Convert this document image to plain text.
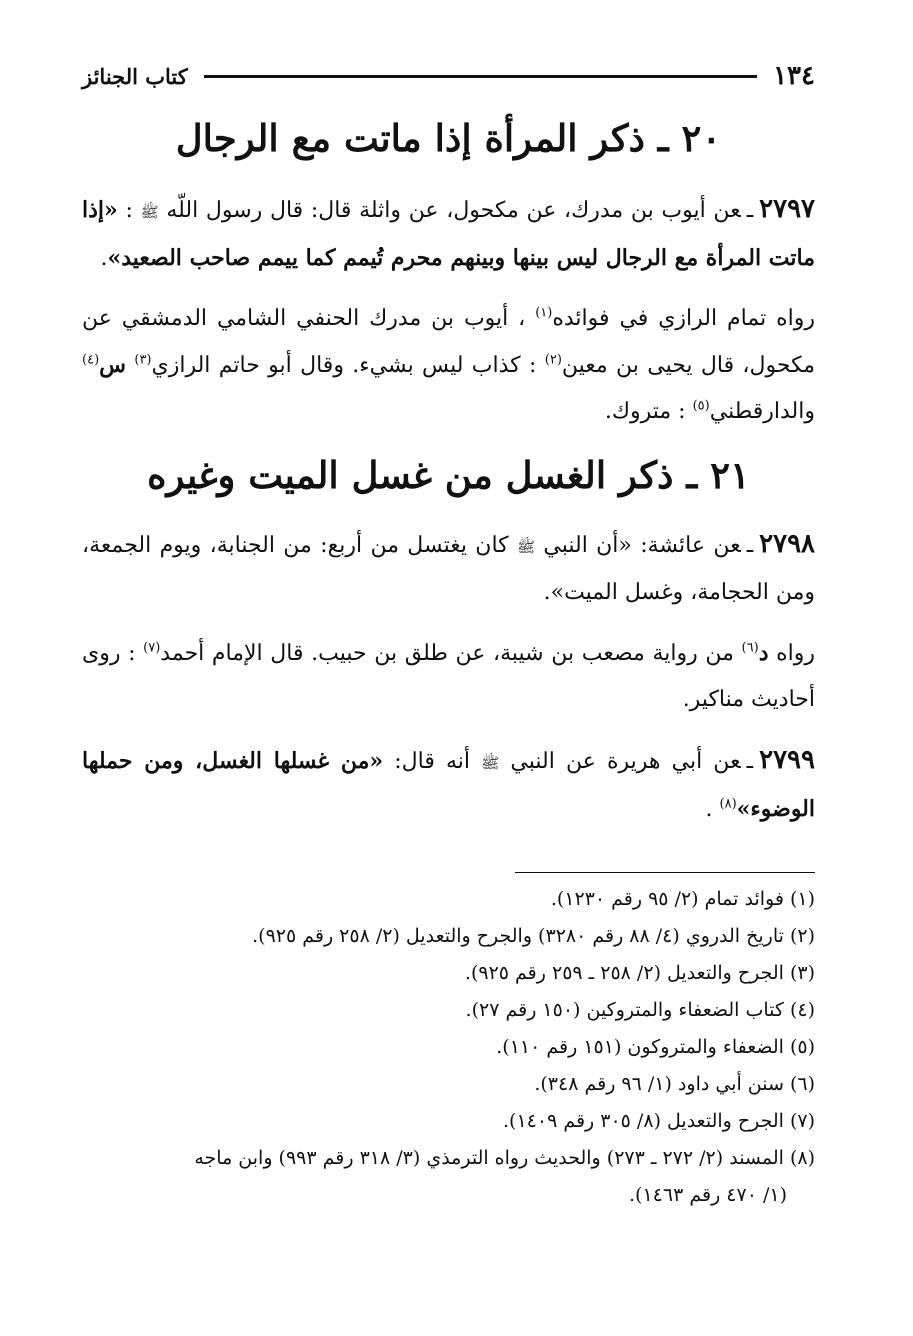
١٣٤
كتاب الجنائز
٢٠ ـ ذكر المرأة إذا ماتت مع الرجال

٢٧٩٧ـعن أيوب بن مدرك، عن مكحول، عن واثلة قال: قال رسول اللّه ﷺ : «إذا ماتت المرأة مع الرجال ليس بينها وبينهم محرم تُيمم كما ييمم صاحب الصعيد».

رواه تمام الرازي في فوائده$^{(١)}$ ، أيوب بن مدرك الحنفي الشامي الدمشقي عن مكحول، قال يحيى بن معين$^{(٢)}$ : كذاب ليس بشيء. وقال أبو حاتم الرازي$^{(٣)}$ س$^{(٤)}$ والدارقطني$^{(٥)}$ : متروك.

٢١ ـ ذكر الغسل من غسل الميت وغيره

٢٧٩٨ـعن عائشة: «أن النبي ﷺ كان يغتسل من أربع: من الجنابة، ويوم الجمعة، ومن الحجامة، وغسل الميت».

رواه د$^{(٦)}$ من رواية مصعب بن شيبة، عن طلق بن حبيب. قال الإمام أحمد$^{(٧)}$ : روى أحاديث مناكير.

٢٧٩٩ـعن أبي هريرة عن النبي ﷺ أنه قال: «من غسلها الغسل، ومن حملها الوضوء»$^{(٨)}$ .

(١)فوائد تمام (٢/ ٩٥ رقم ١٢٣٠).

(٢)تاريخ الدروي (٤/ ٨٨ رقم ٣٢٨٠) والجرح والتعديل (٢/ ٢٥٨ رقم ٩٢٥).

(٣)الجرح والتعديل (٢/ ٢٥٨ ـ ٢٥٩ رقم ٩٢٥).

(٤)كتاب الضعفاء والمتروكين (١٥٠ رقم ٢٧).

(٥)الضعفاء والمتروكون (١٥١ رقم ١١٠).

(٦)سنن أبي داود (١/ ٩٦ رقم ٣٤٨).

(٧)الجرح والتعديل (٨/ ٣٠٥ رقم ١٤٠٩).

(٨)المسند (٢/ ٢٧٢ ـ ٢٧٣) والحديث رواه الترمذي (٣/ ٣١٨ رقم ٩٩٣) وابن ماجه

(١/ ٤٧٠ رقم ١٤٦٣).
